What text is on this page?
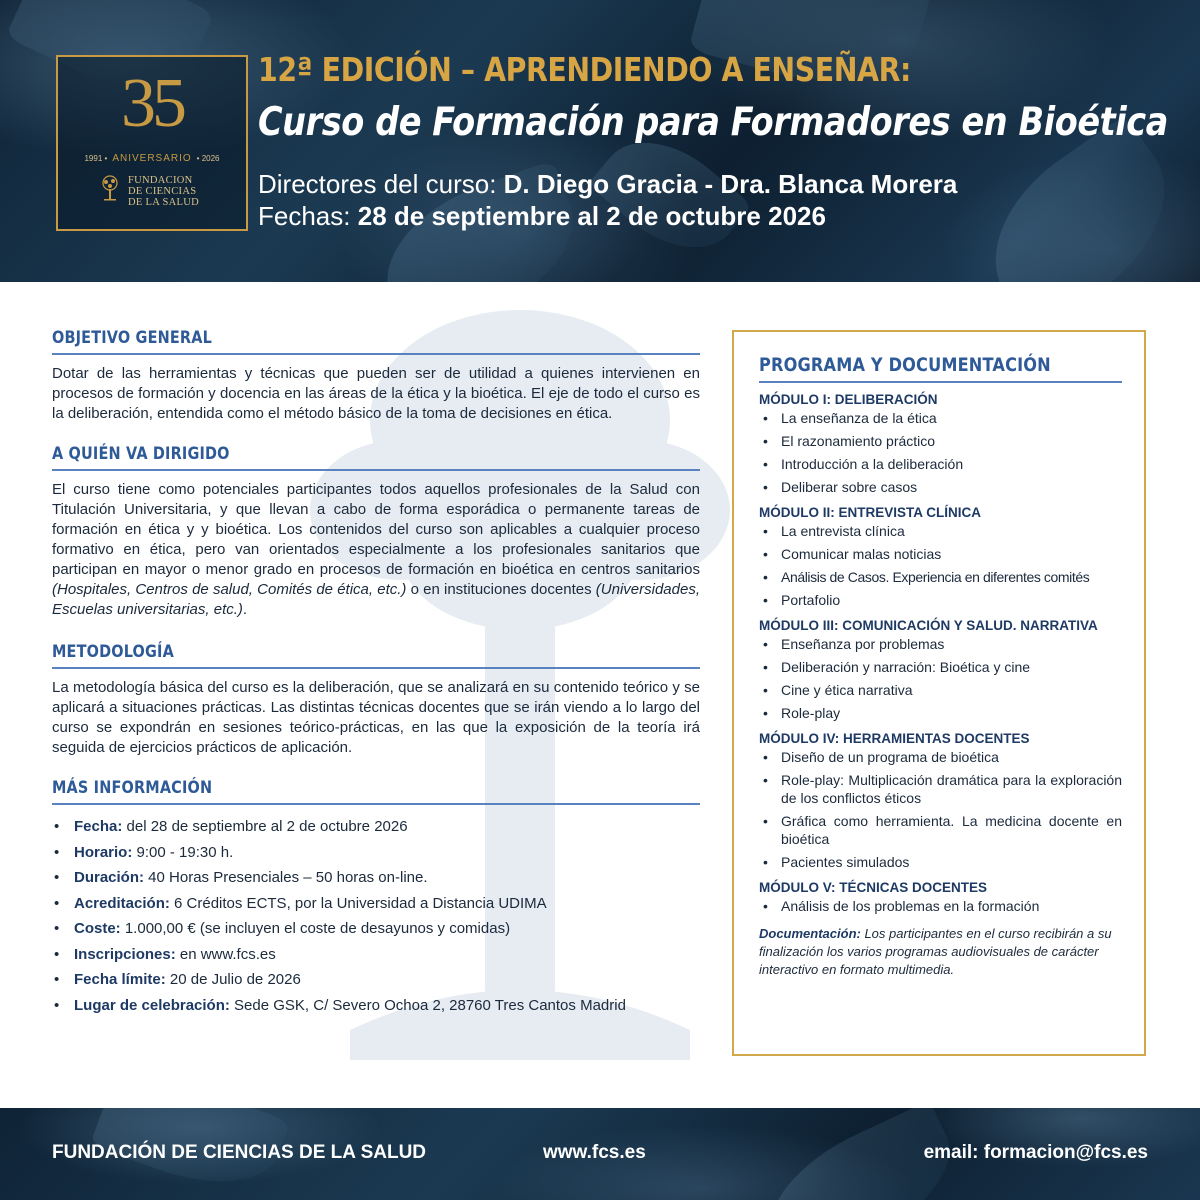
35
1991 • ANIVERSARIO • 2026
FUNDACION
DE CIENCIAS
DE LA SALUD
12ª EDICIÓN – APRENDIENDO A ENSEÑAR:
Curso de Formación para Formadores en Bioética
Directores del curso: D. Diego Gracia - Dra. Blanca Morera
Fechas: 28 de septiembre al 2 de octubre 2026
OBJETIVO GENERAL

Dotar de las herramientas y técnicas que pueden ser de utilidad a quienes intervienen en procesos de formación y docencia en las áreas de la ética y la bioética. El eje de todo el curso es la deliberación, entendida como el método básico de la toma de decisiones en ética.

A QUIÉN VA DIRIGIDO

El curso tiene como potenciales participantes todos aquellos profesionales de la Salud con Titulación Universitaria, y que llevan a cabo de forma esporádica o permanente tareas de formación en ética y y bioética. Los contenidos del curso son aplicables a cualquier proceso formativo en ética, pero van orientados especialmente a los profesionales sanitarios que participan en mayor o menor grado en procesos de formación en bioética en centros sanitarios (Hospitales, Centros de salud, Comités de ética, etc.) o en instituciones docentes (Universidades, Escuelas universitarias, etc.).

METODOLOGÍA

La metodología básica del curso es la deliberación, que se analizará en su contenido teórico y se aplicará a situaciones prácticas. Las distintas técnicas docentes que se irán viendo a lo largo del curso se expondrán en sesiones teórico-prácticas, en las que la exposición de la teoría irá seguida de ejercicios prácticos de aplicación.

MÁS INFORMACIÓN
• Fecha: del 28 de septiembre al 2 de octubre 2026
• Horario: 9:00 - 19:30 h.
• Duración: 40 Horas Presenciales – 50 horas on-line.
• Acreditación: 6 Créditos ECTS, por la Universidad a Distancia UDIMA
• Coste: 1.000,00 € (se incluyen el coste de desayunos y comidas)
• Inscripciones: en www.fcs.es
• Fecha límite: 20 de Julio de 2026
• Lugar de celebración: Sede GSK, C/ Severo Ochoa 2, 28760 Tres Cantos Madrid
PROGRAMA Y DOCUMENTACIÓN
MÓDULO I: DELIBERACIÓN
• La enseñanza de la ética
• El razonamiento práctico
• Introducción a la deliberación
• Deliberar sobre casos
MÓDULO II: ENTREVISTA CLÍNICA
• La entrevista clínica
• Comunicar malas noticias
• Análisis de Casos. Experiencia en diferentes comités
• Portafolio
MÓDULO III: COMUNICACIÓN Y SALUD. NARRATIVA
• Enseñanza por problemas
• Deliberación y narración: Bioética y cine
• Cine y ética narrativa
• Role-play
MÓDULO IV: HERRAMIENTAS DOCENTES
• Diseño de un programa de bioética
• Role-play: Multiplicación dramática para la exploración de los conflictos éticos
• Gráfica como herramienta. La medicina docente en bioética
• Pacientes simulados
MÓDULO V: TÉCNICAS DOCENTES
• Análisis de los problemas en la formación
Documentación: Los participantes en el curso recibirán a su finalización los varios programas audiovisuales de carácter interactivo en formato multimedia.
FUNDACIÓN DE CIENCIAS DE LA SALUD	www.fcs.es	email: formacion@fcs.es
